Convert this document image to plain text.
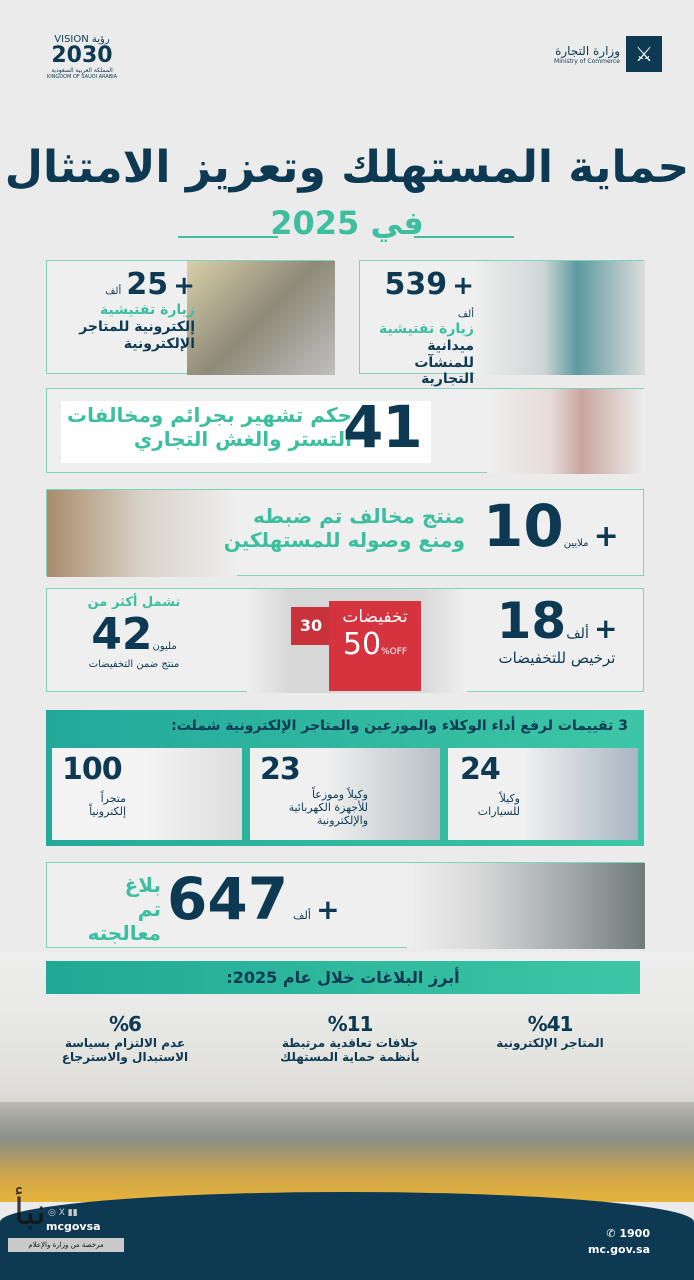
VISION رؤية
2030
المملكة العربية السعودية
KINGDOM OF SAUDI ARABIA
وزارة التجارة
Ministry of Commerce ⚔
حماية المستهلك وتعزيز الامتثال
في 2025
+ 25 ألف
زيارة تفتيشية
إلكترونية للمتاجر
الإلكترونية
+ 539 ألف
زيارة تفتيشية
ميدانية
للمنشآت التجارية
حكم تشهير بجرائم ومخالفات
التستر والغش التجاري
41
منتج مخالف تم ضبطه
ومنع وصوله للمستهلكين	ملايين10 +
30	تخفيضات
50%OFF
تشمل أكثر من
مليون42
منتج ضمن التخفيضات
ألف18 +
ترخيص للتخفيضات
3 تقييمات لرفع أداء الوكلاء والموزعين والمتاجر الإلكترونية شملت:
100
متجراً
إلكترونياً
23
وكيلاً وموزعاً
للأجهزة الكهربائية
والإلكترونية
24
وكيلاً
للسيارات
بلاغ
تم معالجته
ألف 647 +
أبرز البلاغات خلال عام 2025:
%6
عدم الالتزام بسياسة
الاستبدال والاسترجاع
%11
خلافات تعاقدية مرتبطة
بأنظمة حماية المستهلك
%41
المتاجر الإلكترونية
نبأ ◎ X ▮▮
mcgovsa
مرخصة من وزارة والإعلام
✆ 1900
mc.gov.sa
